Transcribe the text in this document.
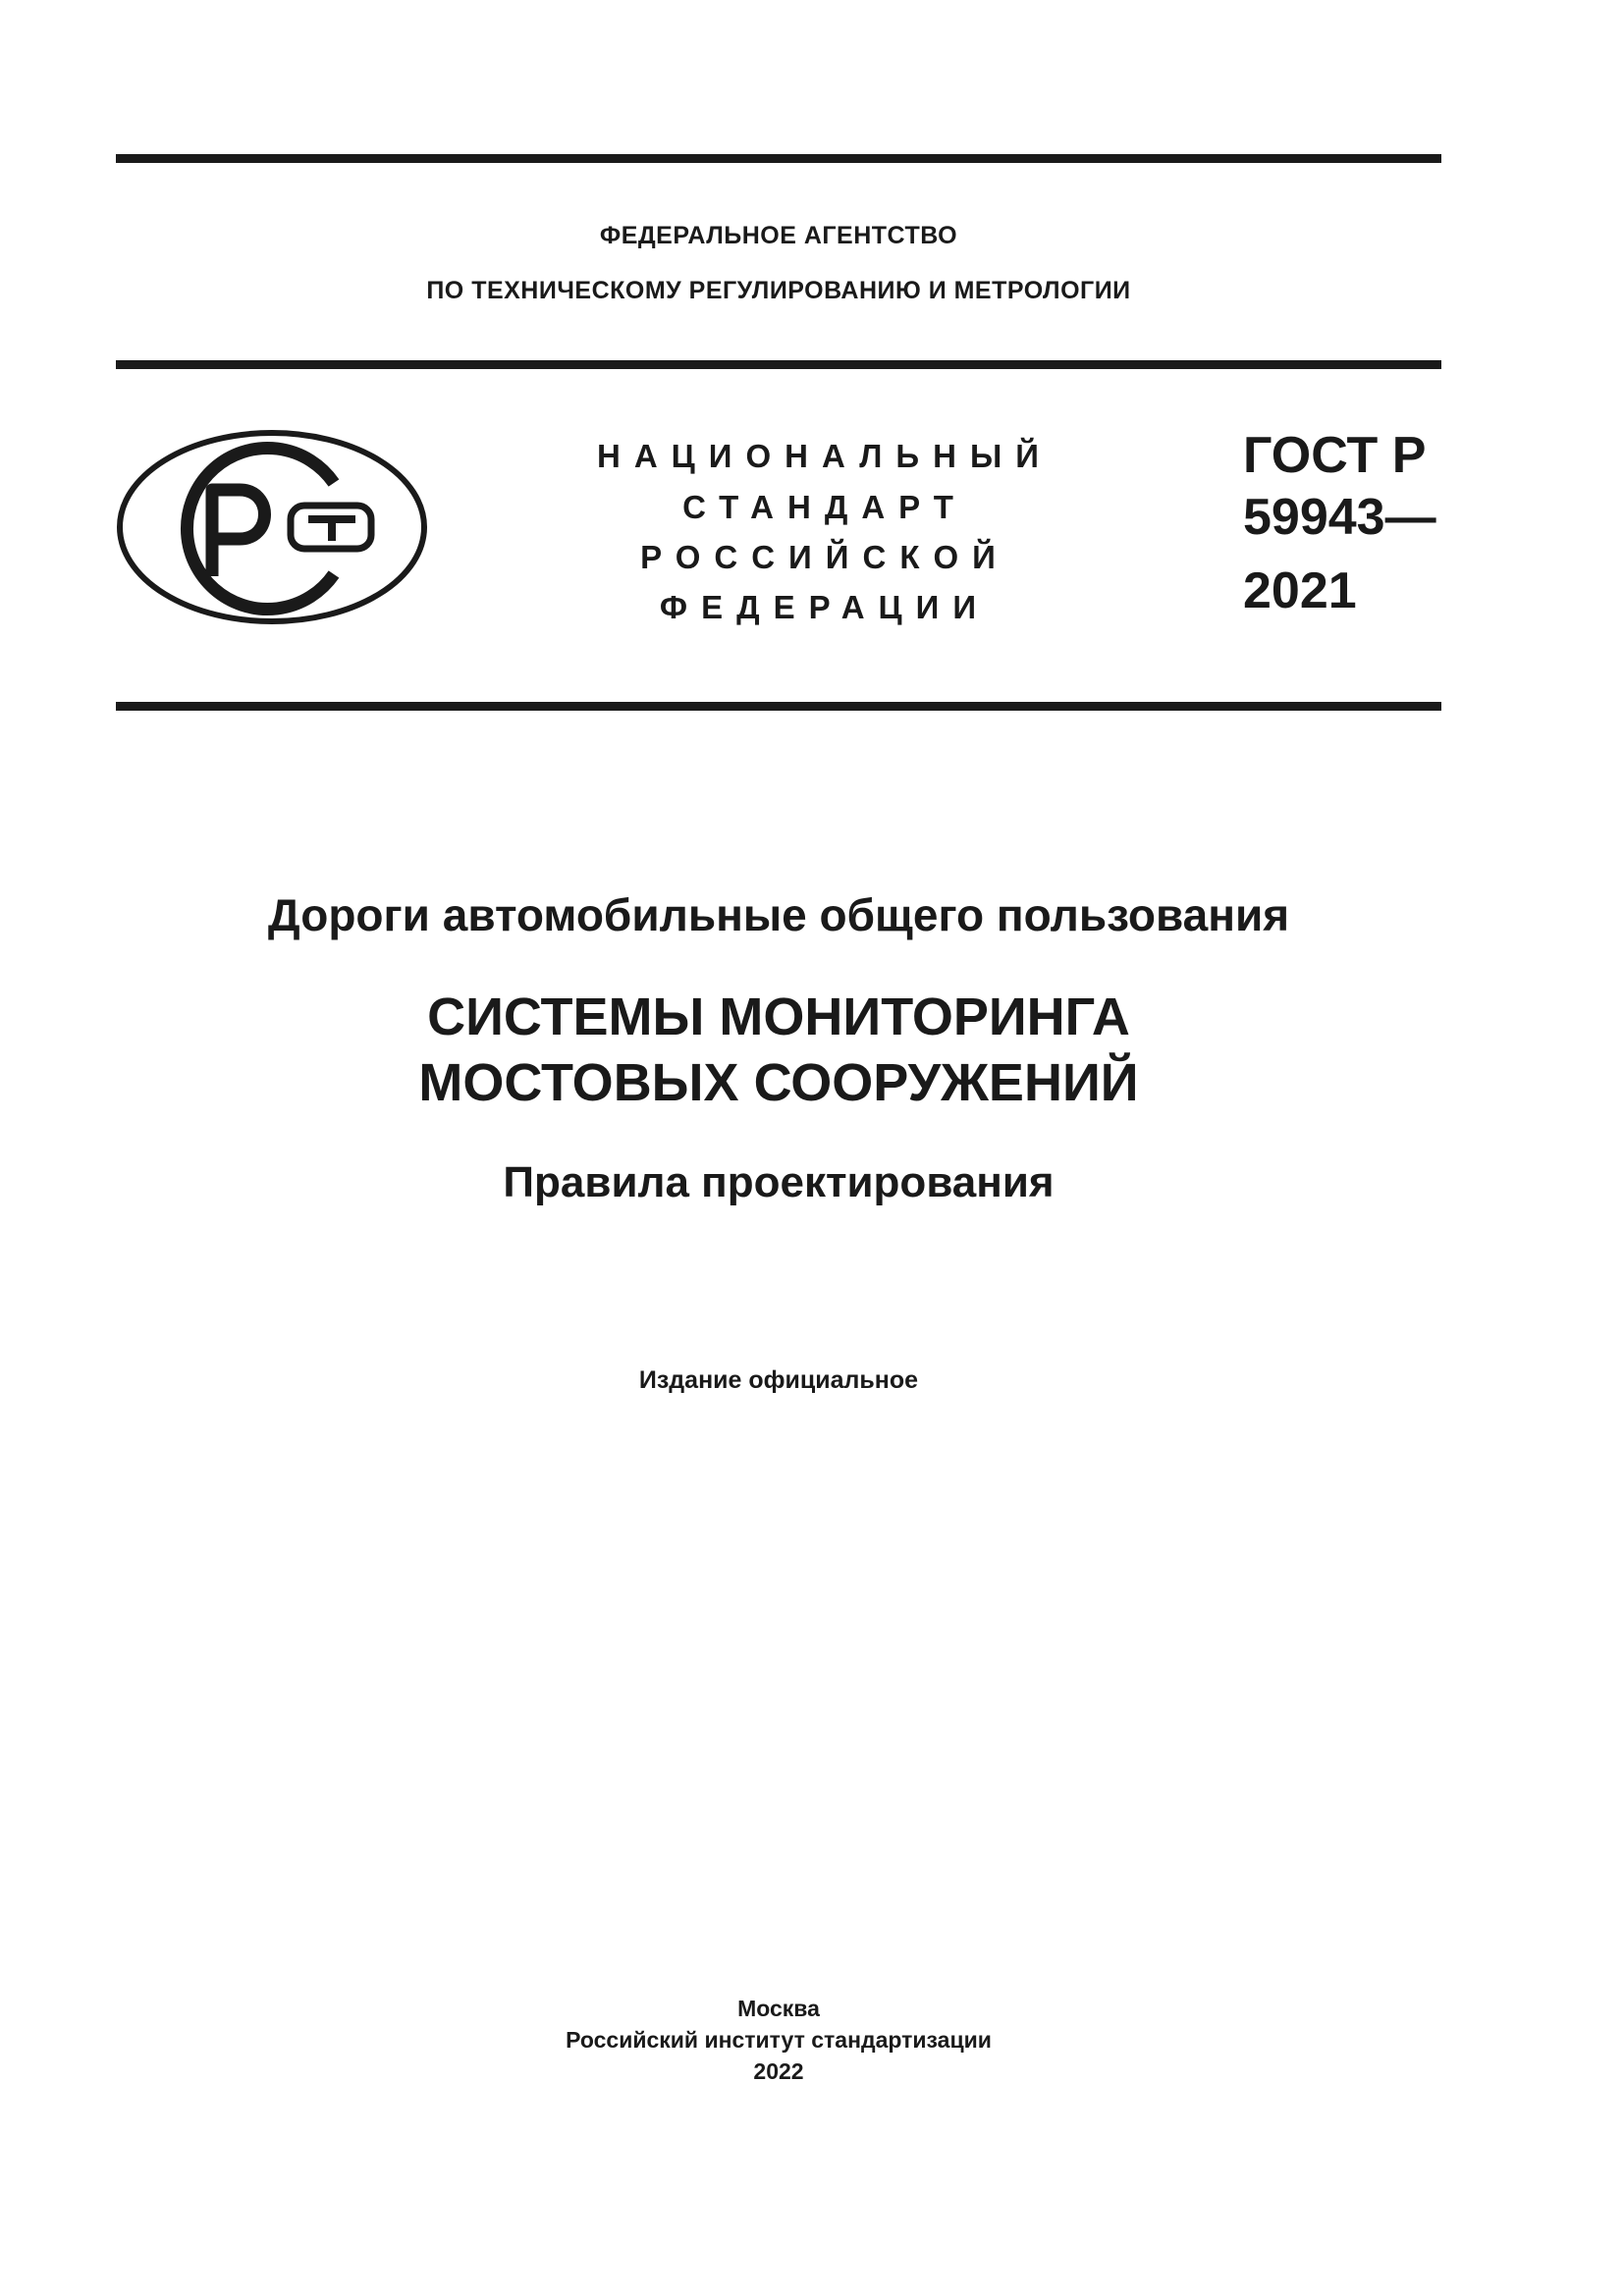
ФЕДЕРАЛЬНОЕ АГЕНТСТВО
ПО ТЕХНИЧЕСКОМУ РЕГУЛИРОВАНИЮ И МЕТРОЛОГИИ
НАЦИОНАЛЬНЫЙ
СТАНДАРТ
РОССИЙСКОЙ
ФЕДЕРАЦИИ
ГОСТ Р
59943—
2021
Дороги автомобильные общего пользования
СИСТЕМЫ МОНИТОРИНГА
МОСТОВЫХ СООРУЖЕНИЙ
Правила проектирования
Издание официальное
Москва
Российский институт стандартизации
2022
